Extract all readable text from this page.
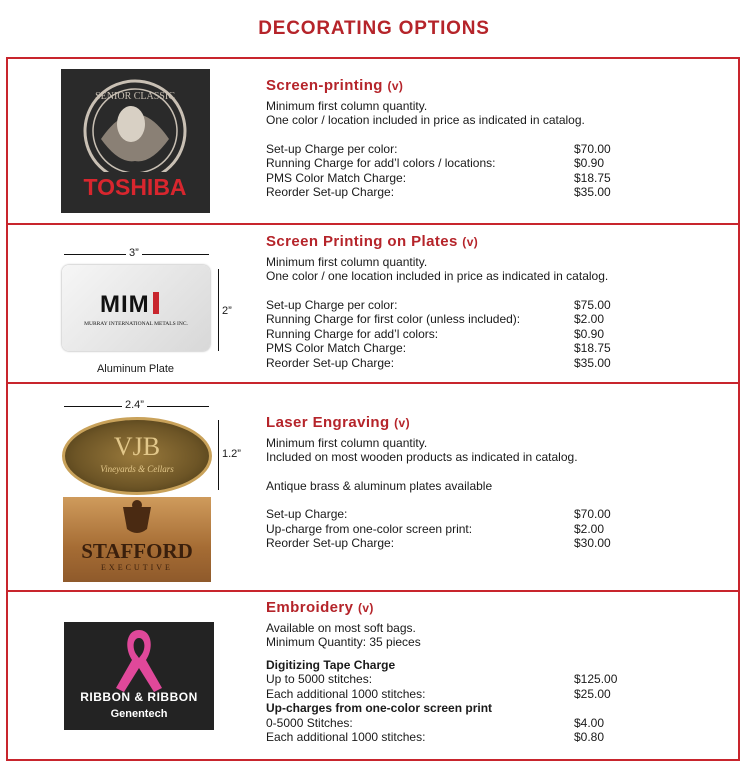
DECORATING OPTIONS
TOSHIBA
SENIOR CLASSIC
Screen-printing (v)
Minimum first column quantity.
One color / location included in price as indicated in catalog.
Set-up Charge per color:	$70.00
Running Charge for add’l colors / locations:	$0.90
PMS Color Match Charge:	$18.75
Reorder Set-up Charge:	$35.00
3”
2”
MIM
MURRAY INTERNATIONAL METALS INC.
Aluminum Plate
Screen Printing on Plates (v)
Minimum first column quantity.
One color / one location included in price as indicated in catalog.
Set-up Charge per color:	$75.00
Running Charge for first color (unless included):	$2.00
Running Charge for add’l colors:	$0.90
PMS Color Match Charge:	$18.75
Reorder Set-up Charge:	$35.00
2.4”
1.2”
VJB
Vineyards & Cellars
STAFFORD
EXECUTIVE
Laser Engraving (v)
Minimum first column quantity.
Included on most wooden products as indicated in catalog.
Antique brass & aluminum plates available
Set-up Charge:	$70.00
Up-charge from one-color screen print:	$2.00
Reorder Set-up Charge:	$30.00
RIBBON & RIBBON
Genentech
Embroidery (v)
Available on most soft bags.
Minimum Quantity: 35 pieces
Digitizing Tape Charge
Up to 5000 stitches:	$125.00
Each additional 1000 stitches:	$25.00
Up-charges from one-color screen print
0-5000 Stitches:	$4.00
Each additional 1000 stitches:	$0.80
